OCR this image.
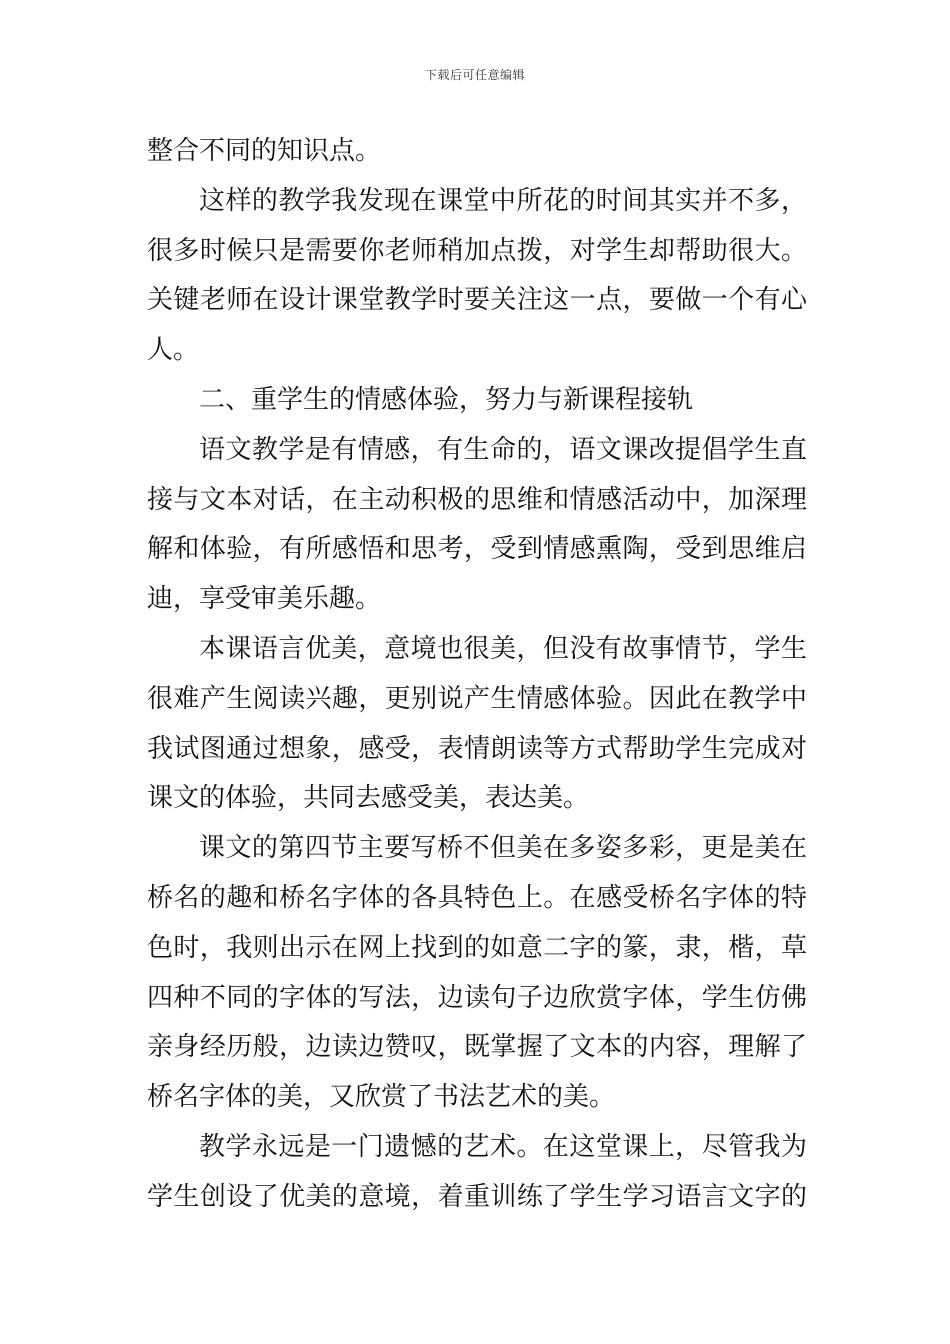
下载后可任意编辑
整合不同的知识点。
这样的教学我发现在课堂中所花的时间其实并不多，
很多时候只是需要你老师稍加点拨，对学生却帮助很大。
关键老师在设计课堂教学时要关注这一点，要做一个有心
人。
二、重学生的情感体验，努力与新课程接轨
语文教学是有情感，有生命的，语文课改提倡学生直
接与文本对话，在主动积极的思维和情感活动中，加深理
解和体验，有所感悟和思考，受到情感熏陶，受到思维启
迪，享受审美乐趣。
本课语言优美，意境也很美，但没有故事情节，学生
很难产生阅读兴趣，更别说产生情感体验。因此在教学中
我试图通过想象，感受，表情朗读等方式帮助学生完成对
课文的体验，共同去感受美，表达美。
课文的第四节主要写桥不但美在多姿多彩，更是美在
桥名的趣和桥名字体的各具特色上。在感受桥名字体的特
色时，我则出示在网上找到的如意二字的篆，隶，楷，草
四种不同的字体的写法，边读句子边欣赏字体，学生仿佛
亲身经历般，边读边赞叹，既掌握了文本的内容，理解了
桥名字体的美，又欣赏了书法艺术的美。
教学永远是一门遗憾的艺术。在这堂课上，尽管我为
学生创设了优美的意境，着重训练了学生学习语言文字的
